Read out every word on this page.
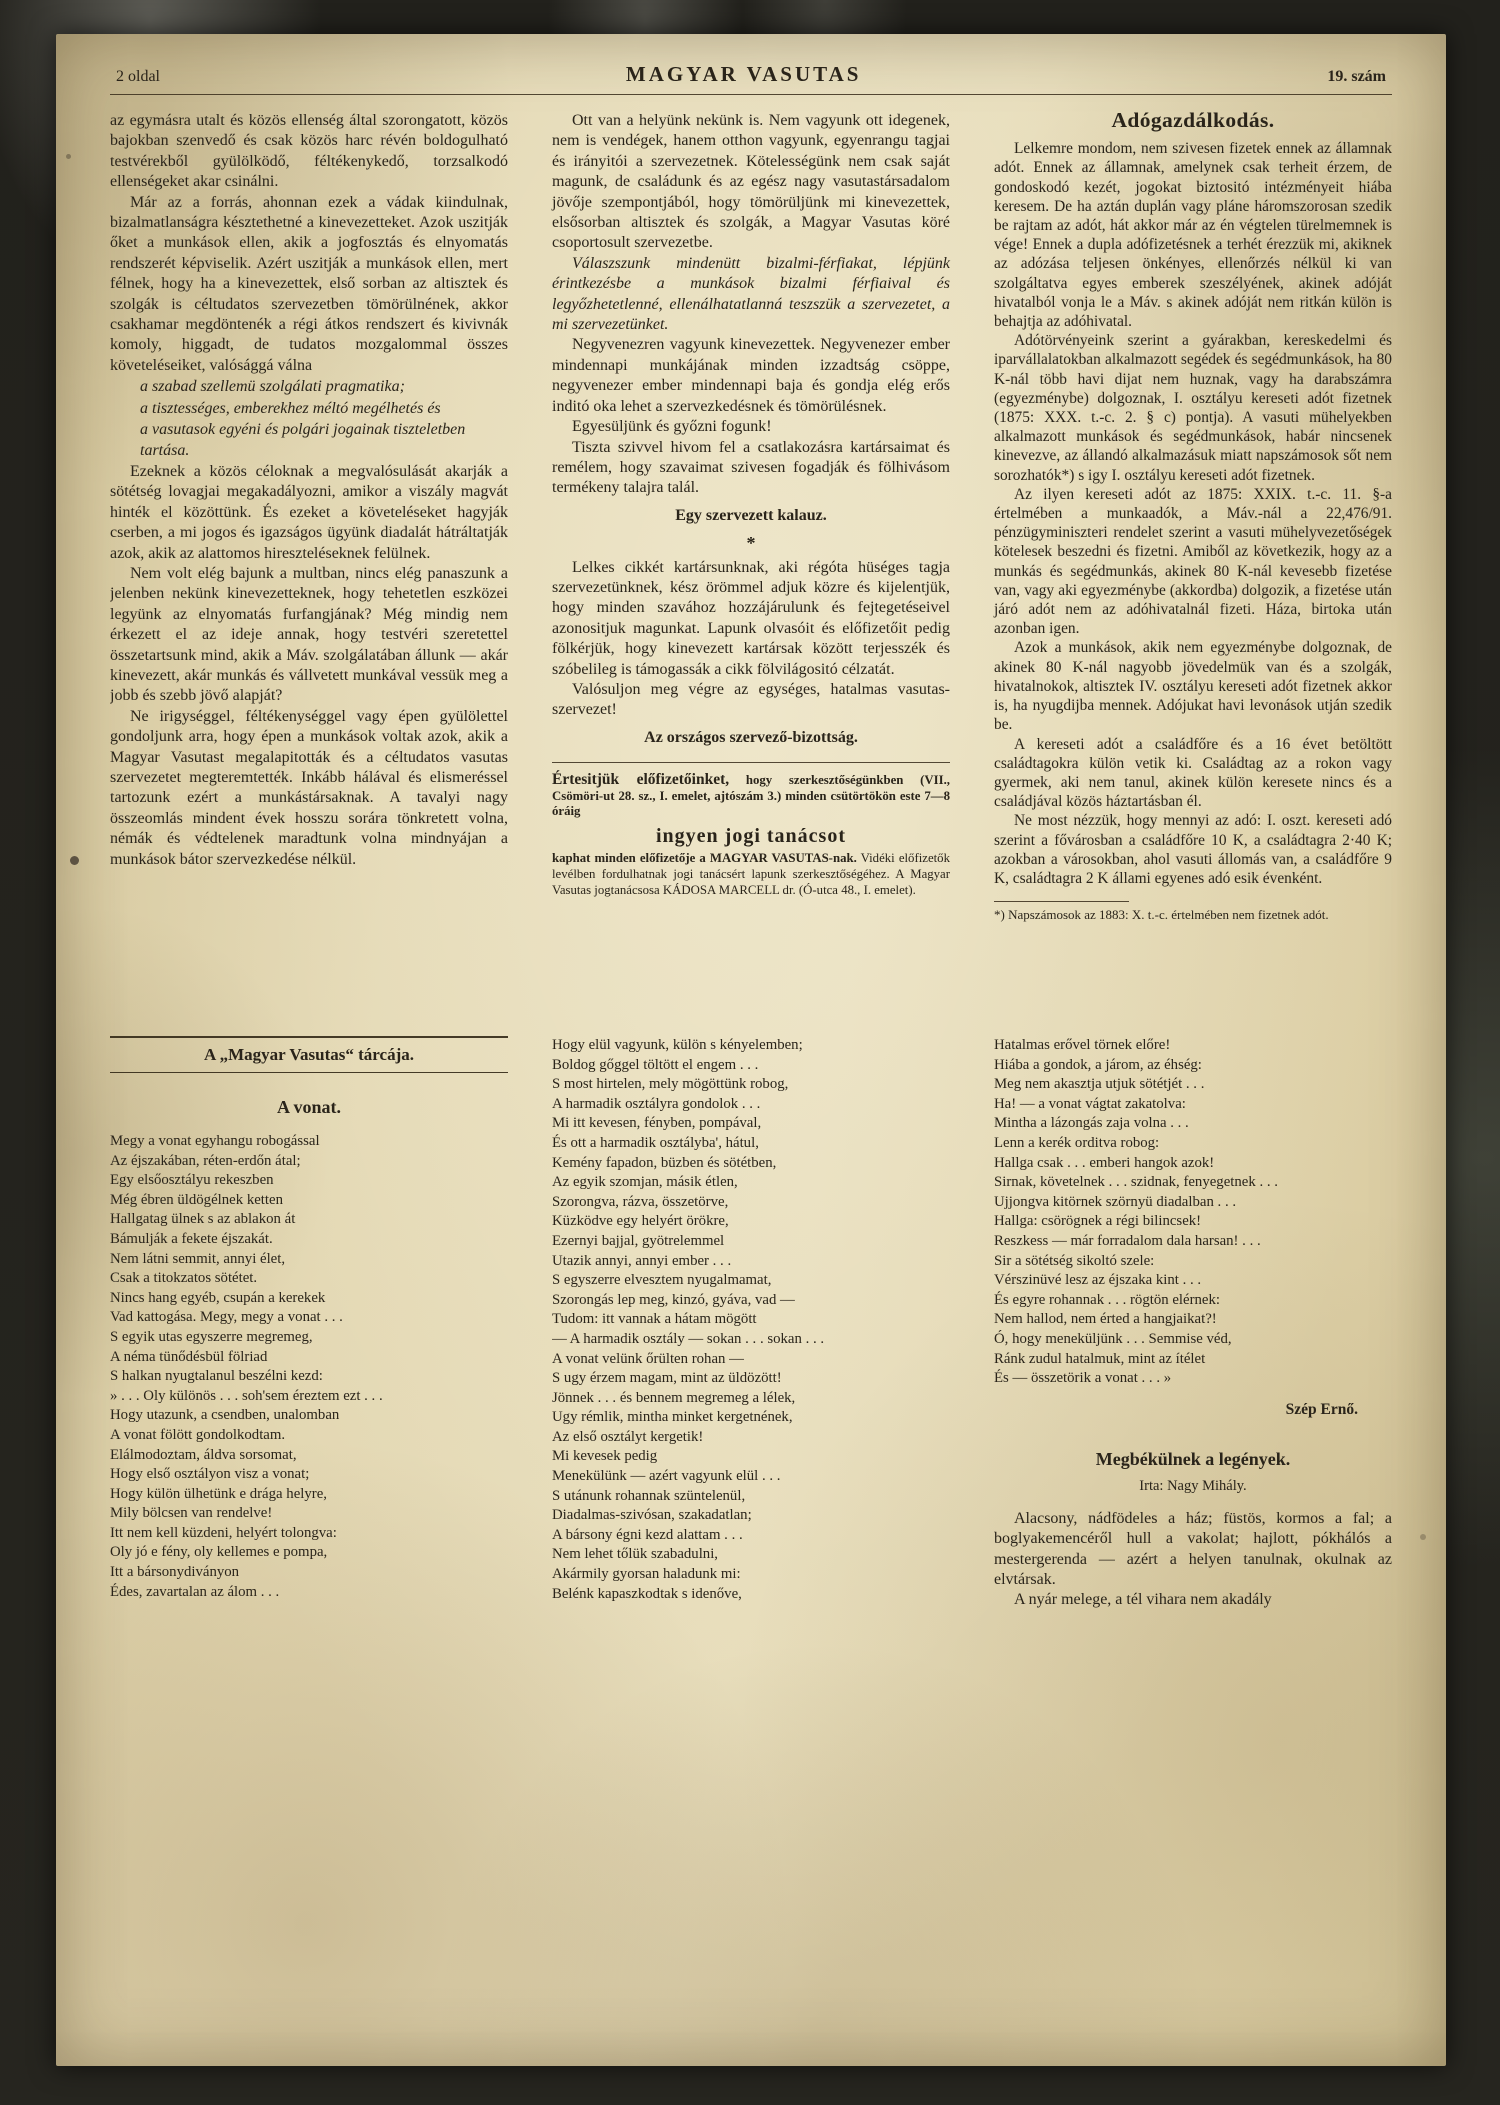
2 oldal	MAGYAR VASUTAS	19. szám
az egymásra utalt és közös ellenség által szorongatott, közös bajokban szenvedő és csak közös harc révén boldogulható testvérekből gyülölködő, féltékenykedő, torzsalkodó ellenségeket akar csinálni.
Már az a forrás, ahonnan ezek a vádak kiindulnak, bizalmatlanságra késztethetné a kinevezetteket. Azok uszitják őket a munkások ellen, akik a jogfosztás és elnyomatás rendszerét képviselik. Azért uszitják a munkások ellen, mert félnek, hogy ha a kinevezettek, első sorban az altisztek és szolgák is céltudatos szervezetben tömörülnének, akkor csakhamar megdöntenék a régi átkos rendszert és kivivnák komoly, higgadt, de tudatos mozgalommal összes követeléseiket, valósággá válna
a szabad szellemü szolgálati pragmatika;
a tisztességes, emberekhez méltó megélhetés és
a vasutasok egyéni és polgári jogainak tiszteletben tartása.
Ezeknek a közös céloknak a megvalósulását akarják a sötétség lovagjai megakadályozni, amikor a viszály magvát hinték el közöttünk. És ezeket a követeléseket hagyják cserben, a mi jogos és igazságos ügyünk diadalát hátráltatják azok, akik az alattomos hireszteléseknek felülnek.
Nem volt elég bajunk a multban, nincs elég panaszunk a jelenben nekünk kinevezetteknek, hogy tehetetlen eszközei legyünk az elnyomatás furfangjának? Még mindig nem érkezett el az ideje annak, hogy testvéri szeretettel összetartsunk mind, akik a Máv. szolgálatában állunk — akár kinevezett, akár munkás és vállvetett munkával vessük meg a jobb és szebb jövő alapját?
Ne irigységgel, féltékenységgel vagy épen gyülölettel gondoljunk arra, hogy épen a munkások voltak azok, akik a Magyar Vasutast megalapitották és a céltudatos vasutas szervezetet megteremtették. Inkább hálával és elismeréssel tartozunk ezért a munkástársaknak. A tavalyi nagy összeomlás mindent évek hosszu sorára tönkretett volna, némák és védtelenek maradtunk volna mindnyájan a munkások bátor szervezkedése nélkül.
Ott van a helyünk nekünk is. Nem vagyunk ott idegenek, nem is vendégek, hanem otthon vagyunk, egyenrangu tagjai és irányitói a szervezetnek. Kötelességünk nem csak saját magunk, de családunk és az egész nagy vasutastársadalom jövője szempontjából, hogy tömörüljünk mi kinevezettek, elsősorban altisztek és szolgák, a Magyar Vasutas köré csoportosult szervezetbe.
Válaszszunk mindenütt bizalmi-férfiakat, lépjünk érintkezésbe a munkások bizalmi férfiaival és legyőzhetetlenné, ellenálhatatlanná teszszük a szervezetet, a mi szervezetünket.
Negyvenezren vagyunk kinevezettek. Negyvenezer ember mindennapi munkájának minden izzadtság csöppe, negyvenezer ember mindennapi baja és gondja elég erős inditó oka lehet a szervezkedésnek és tömörülésnek.
Egyesüljünk és győzni fogunk!
Tiszta szivvel hivom fel a csatlakozásra kartársaimat és remélem, hogy szavaimat szivesen fogadják és fölhivásom termékeny talajra talál.
Egy szervezett kalauz.
*
Lelkes cikkét kartársunknak, aki régóta hüséges tagja szervezetünknek, kész örömmel adjuk közre és kijelentjük, hogy minden szavához hozzájárulunk és fejtegetéseivel azonositjuk magunkat. Lapunk olvasóit és előfizetőit pedig fölkérjük, hogy kinevezett kartársak között terjesszék és szóbelileg is támogassák a cikk fölvilágositó célzatát.
Valósuljon meg végre az egységes, hatalmas vasutas-szervezet!
Az országos szervező-bizottság.
Értesitjük előfizetőinket, hogy szerkesztőségünkben (VII., Csömöri-ut 28. sz., I. emelet, ajtószám 3.) minden csütörtökön este 7—8 óráig
ingyen jogi tanácsot
kaphat minden előfizetője a MAGYAR VASUTAS-nak. Vidéki előfizetők levélben fordulhatnak jogi tanácsért lapunk szerkesztőségéhez. A Magyar Vasutas jogtanácsosa KÁDOSA MARCELL dr. (Ó-utca 48., I. emelet).
Adógazdálkodás.
Lelkemre mondom, nem szivesen fizetek ennek az államnak adót. Ennek az államnak, amelynek csak terheit érzem, de gondoskodó kezét, jogokat biztositó intézményeit hiába keresem. De ha aztán duplán vagy pláne háromszorosan szedik be rajtam az adót, hát akkor már az én végtelen türelmemnek is vége! Ennek a dupla adófizetésnek a terhét érezzük mi, akiknek az adózása teljesen önkényes, ellenőrzés nélkül ki van szolgáltatva egyes emberek szeszélyének, akinek adóját hivatalból vonja le a Máv. s akinek adóját nem ritkán külön is behajtja az adóhivatal.
Adótörvényeink szerint a gyárakban, kereskedelmi és iparvállalatokban alkalmazott segédek és segédmunkások, ha 80 K-nál több havi dijat nem huznak, vagy ha darabszámra (egyezménybe) dolgoznak, I. osztályu kereseti adót fizetnek (1875: XXX. t.-c. 2. § c) pontja). A vasuti mühelyekben alkalmazott munkások és segédmunkások, habár nincsenek kinevezve, az állandó alkalmazásuk miatt napszámosok sőt nem sorozhatók*) s igy I. osztályu kereseti adót fizetnek.
Az ilyen kereseti adót az 1875: XXIX. t.-c. 11. §-a értelmében a munkaadók, a Máv.-nál a 22,476/91. pénzügyminiszteri rendelet szerint a vasuti mühelyvezetőségek kötelesek beszedni és fizetni. Amiből az következik, hogy az a munkás és segédmunkás, akinek 80 K-nál kevesebb fizetése van, vagy aki egyezménybe (akkordba) dolgozik, a fizetése után járó adót nem az adóhivatalnál fizeti. Háza, birtoka után azonban igen.
Azok a munkások, akik nem egyezménybe dolgoznak, de akinek 80 K-nál nagyobb jövedelmük van és a szolgák, hivatalnokok, altisztek IV. osztályu kereseti adót fizetnek akkor is, ha nyugdijba mennek. Adójukat havi levonások utján szedik be.
A kereseti adót a családfőre és a 16 évet betöltött családtagokra külön vetik ki. Családtag az a rokon vagy gyermek, aki nem tanul, akinek külön keresete nincs és a családjával közös háztartásban él.
Ne most nézzük, hogy mennyi az adó: I. oszt. kereseti adó szerint a fővárosban a családfőre 10 K, a családtagra 2·40 K; azokban a városokban, ahol vasuti állomás van, a családfőre 9 K, családtagra 2 K állami egyenes adó esik évenként.
*) Napszámosok az 1883: X. t.-c. értelmében nem fizetnek adót.
A „Magyar Vasutas“ tárcája.
A vonat.
Megy a vonat egyhangu robogással
Az éjszakában, réten-erdőn átal;
Egy elsőosztályu rekeszben
Még ébren üldögélnek ketten
Hallgatag ülnek s az ablakon át
Bámulják a fekete éjszakát.
Nem látni semmit, annyi élet,
Csak a titokzatos sötétet.
Nincs hang egyéb, csupán a kerekek
Vad kattogása. Megy, megy a vonat . . .
S egyik utas egyszerre megremeg,
A néma tünődésbül fölriad
S halkan nyugtalanul beszélni kezd:
» . . . Oly különös . . . soh'sem éreztem ezt . . .
Hogy utazunk, a csendben, unalomban
A vonat fölött gondolkodtam.
Elálmodoztam, áldva sorsomat,
Hogy első osztályon visz a vonat;
Hogy külön ülhetünk e drága helyre,
Mily bölcsen van rendelve!
Itt nem kell küzdeni, helyért tolongva:
Oly jó e fény, oly kellemes e pompa,
Itt a bársonydiványon
Édes, zavartalan az álom . . .
Hogy elül vagyunk, külön s kényelemben;
Boldog gőggel töltött el engem . . .
S most hirtelen, mely mögöttünk robog,
A harmadik osztályra gondolok . . .
Mi itt kevesen, fényben, pompával,
És ott a harmadik osztályba', hátul,
Kemény fapadon, büzben és sötétben,
Az egyik szomjan, másik étlen,
Szorongva, rázva, összetörve,
Küzködve egy helyért örökre,
Ezernyi bajjal, gyötrelemmel
Utazik annyi, annyi ember . . .
S egyszerre elvesztem nyugalmamat,
Szorongás lep meg, kinzó, gyáva, vad —
Tudom: itt vannak a hátam mögött
— A harmadik osztály — sokan . . . sokan . . .
A vonat velünk őrülten rohan —
S ugy érzem magam, mint az üldözött!
Jönnek . . . és bennem megremeg a lélek,
Ugy rémlik, mintha minket kergetnének,
Az első osztályt kergetik!
Mi kevesek pedig
Menekülünk — azért vagyunk elül . . .
S utánunk rohannak szüntelenül,
Diadalmas-szivósan, szakadatlan;
A bársony égni kezd alattam . . .
Nem lehet tőlük szabadulni,
Akármily gyorsan haladunk mi:
Belénk kapaszkodtak s idenőve,
Hatalmas erővel törnek előre!
Hiába a gondok, a járom, az éhség:
Meg nem akasztja utjuk sötétjét . . .
Ha! — a vonat vágtat zakatolva:
Mintha a lázongás zaja volna . . .
Lenn a kerék orditva robog:
Hallga csak . . . emberi hangok azok!
Sirnak, követelnek . . . szidnak, fenyegetnek . . .
Ujjongva kitörnek szörnyü diadalban . . .
Hallga: csörögnek a régi bilincsek!
Reszkess — már forradalom dala harsan! . . .
Sir a sötétség sikoltó szele:
Vérszinüvé lesz az éjszaka kint . . .
És egyre rohannak . . . rögtön elérnek:
Nem hallod, nem érted a hangjaikat?!
Ó, hogy meneküljünk . . . Semmise véd,
Ránk zudul hatalmuk, mint az ítélet
És — összetörik a vonat . . . »
Szép Ernő.
Megbékülnek a legények.
Irta: Nagy Mihály.
Alacsony, nádfödeles a ház; füstös, kormos a fal; a boglyakemencéről hull a vakolat; hajlott, pókhálós a mestergerenda — azért a helyen tanulnak, okulnak az elvtársak.
A nyár melege, a tél vihara nem akadály
